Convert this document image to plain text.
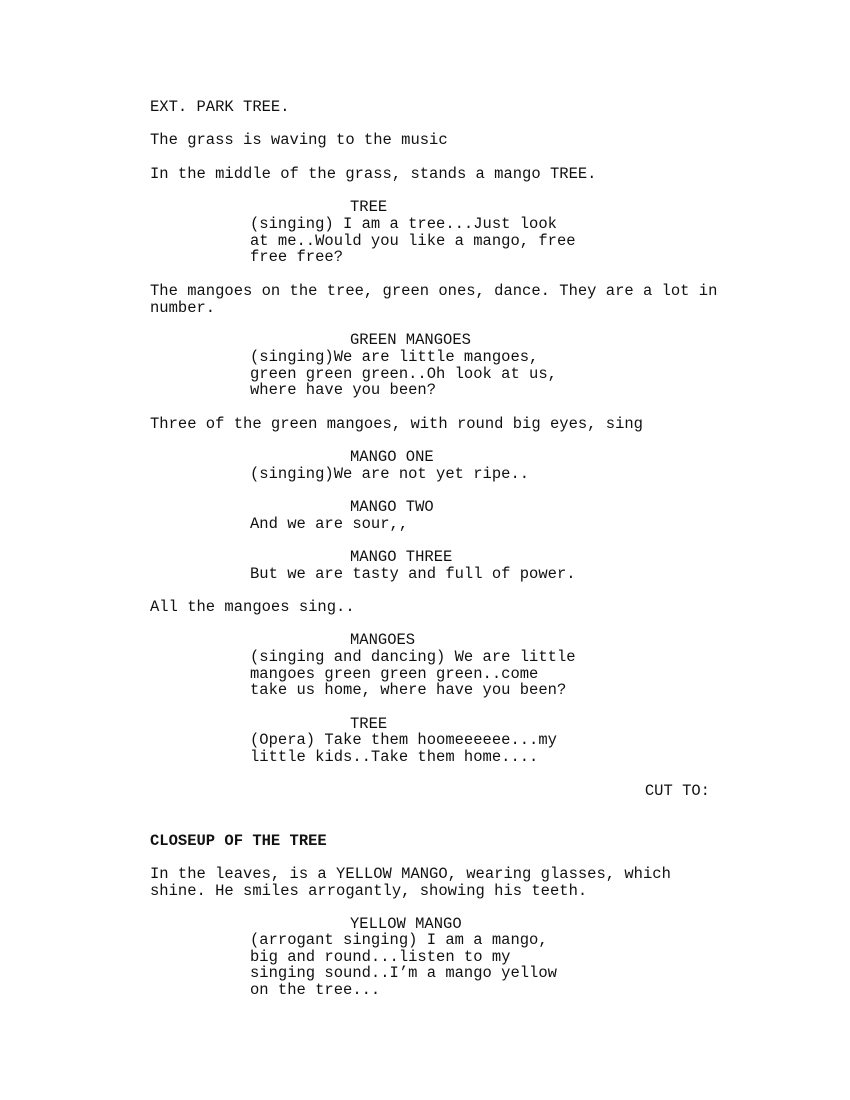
EXT. PARK TREE.
The grass is waving to the music
In the middle of the grass, stands a mango TREE.
TREE
(singing) I am a tree...Just look
at me..Would you like a mango, free
free free?
The mangoes on the tree, green ones, dance. They are a lot in
number.
GREEN MANGOES
(singing)We are little mangoes,
green green green..Oh look at us,
where have you been?
Three of the green mangoes, with round big eyes, sing
MANGO ONE
(singing)We are not yet ripe..
MANGO TWO
And we are sour,,
MANGO THREE
But we are tasty and full of power.
All the mangoes sing..
MANGOES
(singing and dancing) We are little
mangoes green green green..come
take us home, where have you been?
TREE
(Opera) Take them hoomeeeeee...my
little kids..Take them home....
CUT TO:
CLOSEUP OF THE TREE
In the leaves, is a YELLOW MANGO, wearing glasses, which
shine. He smiles arrogantly, showing his teeth.
YELLOW MANGO
(arrogant singing) I am a mango,
big and round...listen to my
singing sound..I’m a mango yellow
on the tree...
